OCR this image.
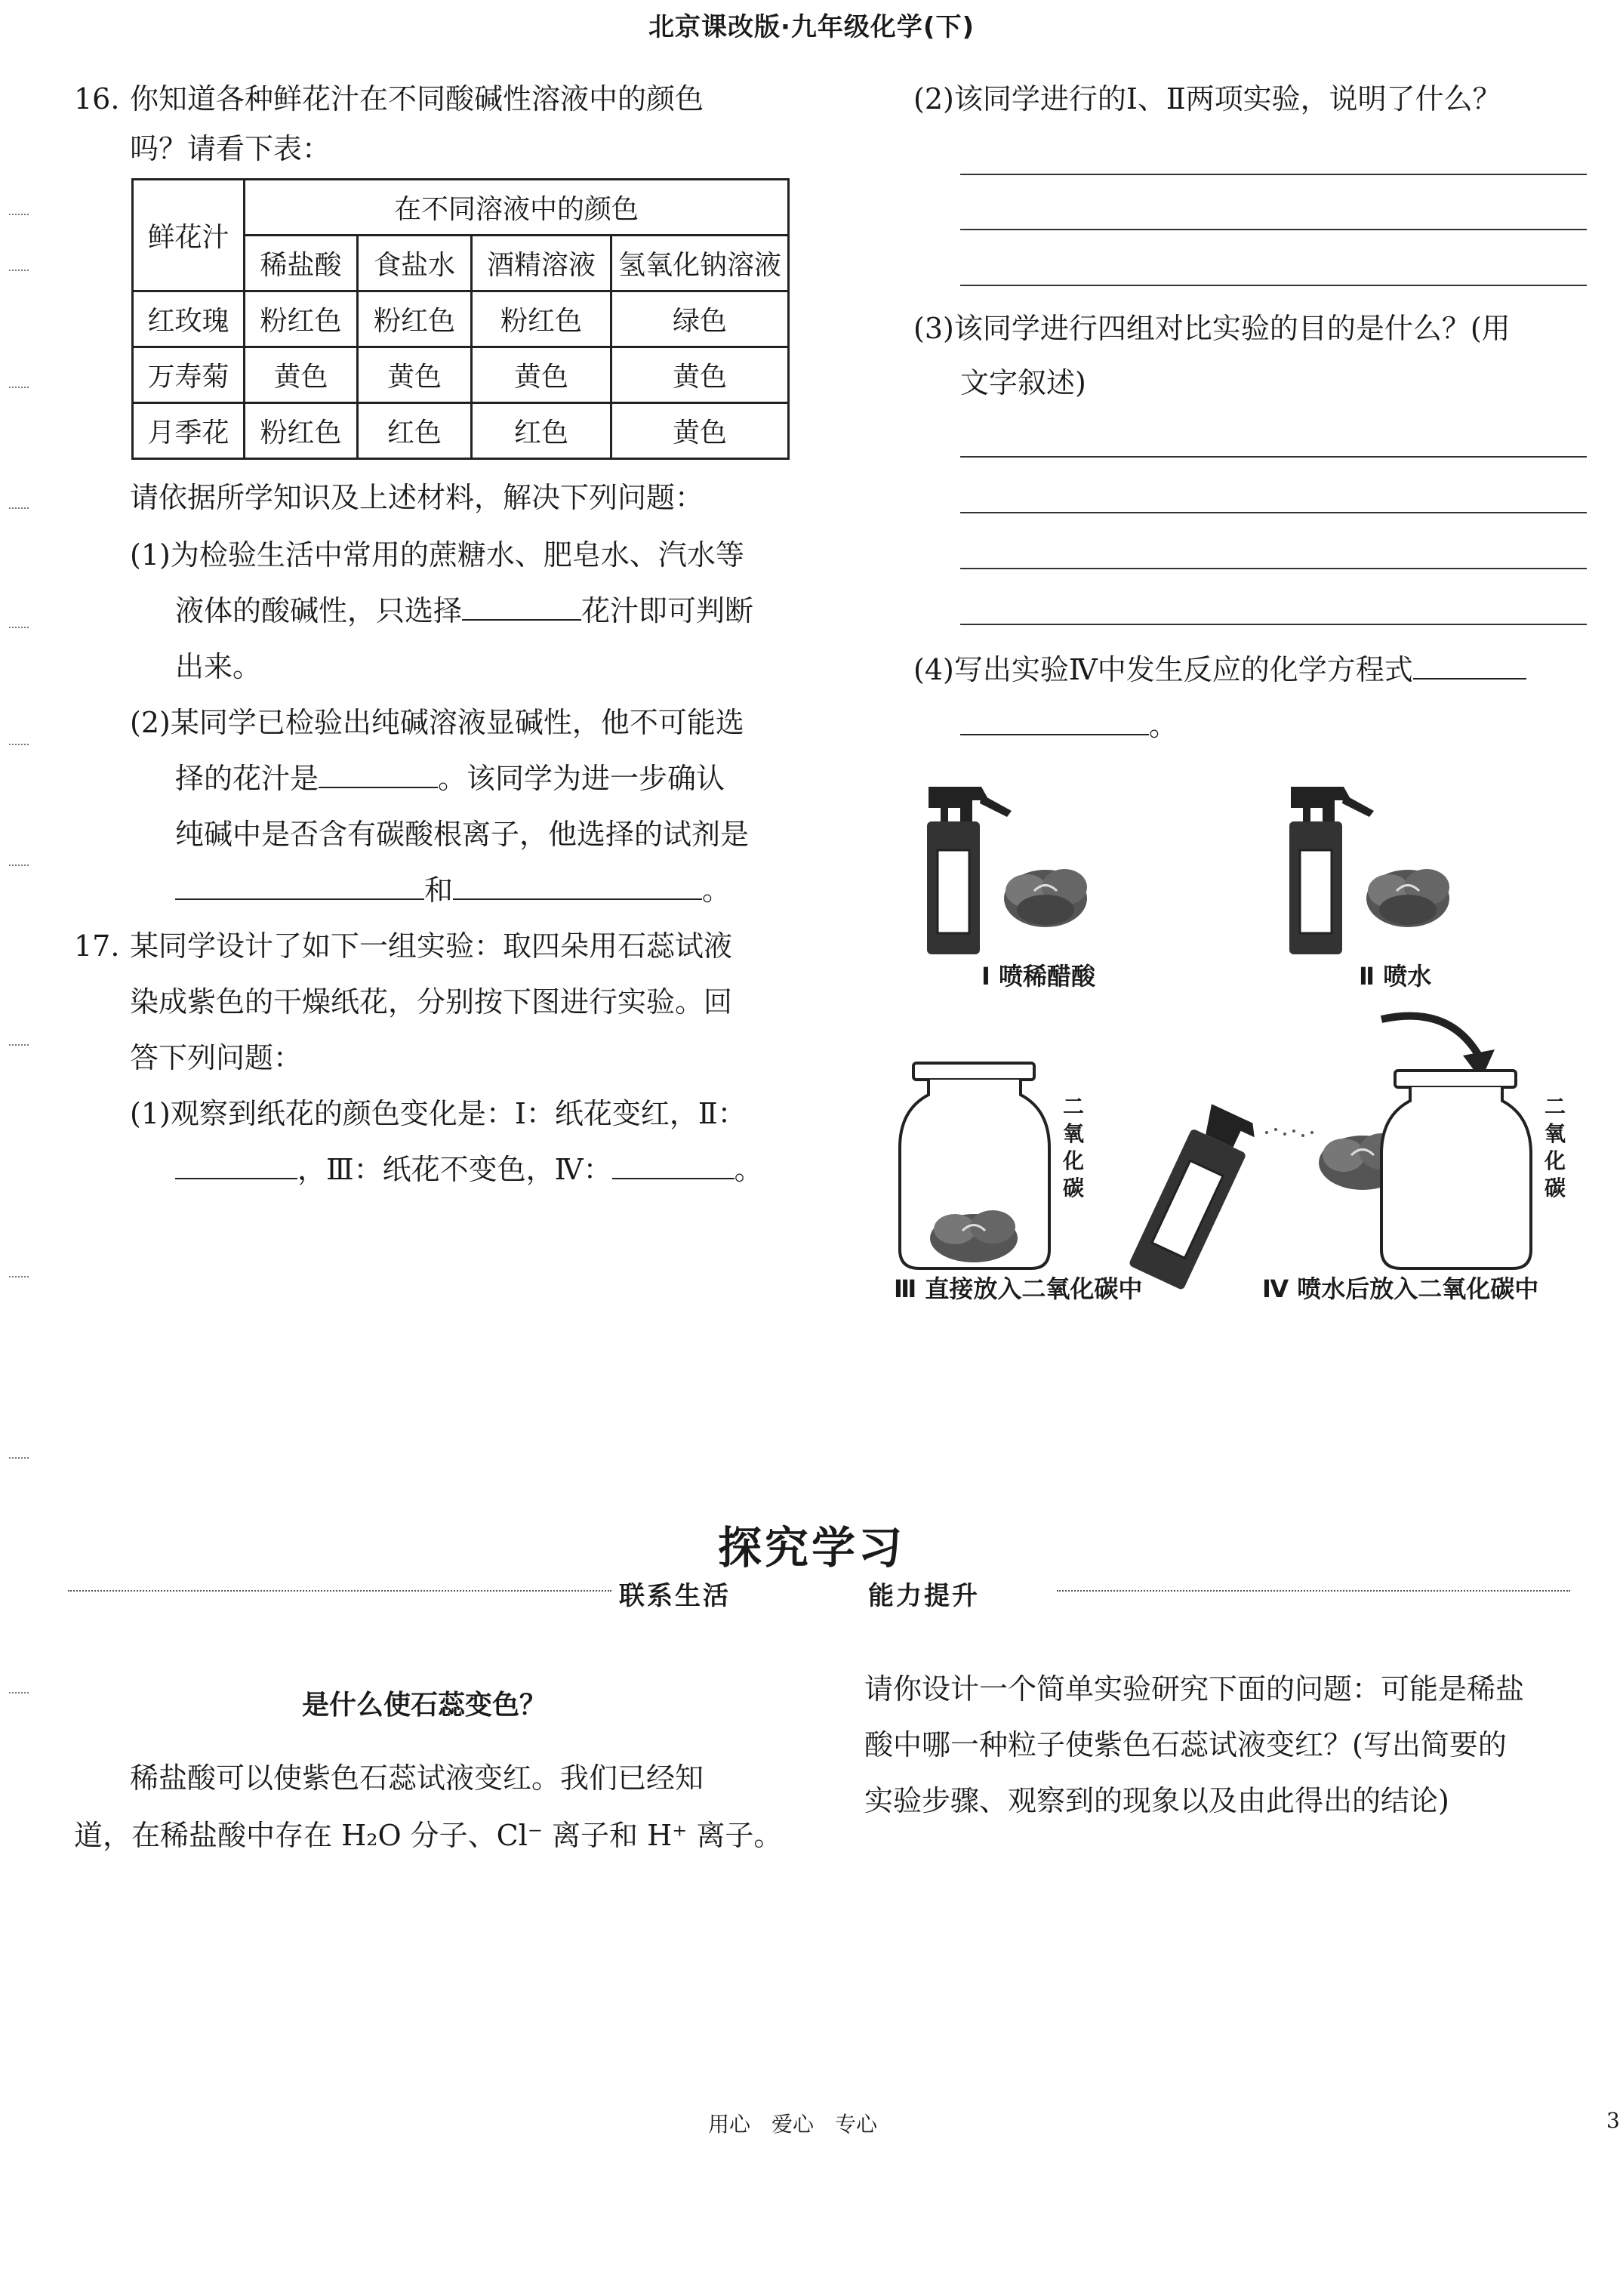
北京课改版·九年级化学(下)
16. 你知道各种鲜花汁在不同酸碱性溶液中的颜色
吗？请看下表：
鲜花汁	在不同溶液中的颜色			
	稀盐酸	食盐水	酒精溶液	氢氧化钠溶液
红玫瑰	粉红色	粉红色	粉红色	绿色
万寿菊	黄色	黄色	黄色	黄色
月季花	粉红色	红色	红色	黄色
请依据所学知识及上述材料，解决下列问题：
(1)为检验生活中常用的蔗糖水、肥皂水、汽水等
液体的酸碱性，只选择	花汁即可判断
出来。
(2)某同学已检验出纯碱溶液显碱性，他不可能选
择的花汁是	。该同学为进一步确认
纯碱中是否含有碳酸根离子，他选择的试剂是
和	。
17. 某同学设计了如下一组实验：取四朵用石蕊试液
染成紫色的干燥纸花，分别按下图进行实验。回
答下列问题：
(1)观察到纸花的颜色变化是：Ⅰ：纸花变红，Ⅱ：
，Ⅲ：纸花不变色，Ⅳ：	。
(2)该同学进行的Ⅰ、Ⅱ两项实验，说明了什么？
(3)该同学进行四组对比实验的目的是什么？(用
文字叙述)
(4)写出实验Ⅳ中发生反应的化学方程式
。
二
氧
化
碳
二
氧
化
碳
Ⅰ 喷稀醋酸	Ⅱ 喷水
Ⅲ 直接放入二氧化碳中	Ⅳ 喷水后放入二氧化碳中
探究学习
联系生活	能力提升
是什么使石蕊变色？
稀盐酸可以使紫色石蕊试液变红。我们已经知
道，在稀盐酸中存在 H₂O 分子、Cl⁻ 离子和 H⁺ 离子。
请你设计一个简单实验研究下面的问题：可能是稀盐
酸中哪一种粒子使紫色石蕊试液变红？(写出简要的
实验步骤、观察到的现象以及由此得出的结论)
用心　爱心　专心	3
